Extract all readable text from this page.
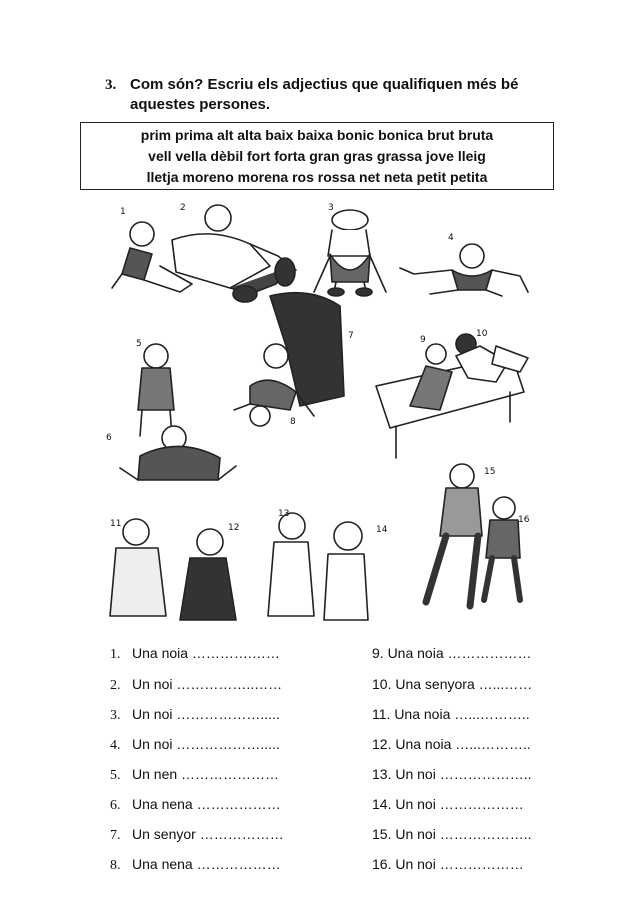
3. Com són? Escriu els adjectius que qualifiquen més bé
aquestes persones.
prim prima alt alta baix baixa bonic bonica brut bruta
vell vella dèbil fort forta gran gras grassa jove lleig
lletja moreno morena ros rossa net neta petit petita
1	2	3
4
5
6
7
8
9
10
11	12
13
14
15
16
1. Una noia ………….……
2. Un noi ……………..……
3. Un noi ……………….....
4. Un noi ……………….....
5. Un nen …………………
6. Una nena ………………
7. Un senyor ………………
8. Una nena ………………
9. Una noia ………………
10. Una senyora …...……
11. Una noia …...………..
12. Una noia …...………..
13. Un noi ………………..
14. Un noi ………………
15. Un noi ………………..
16. Un noi ………………
